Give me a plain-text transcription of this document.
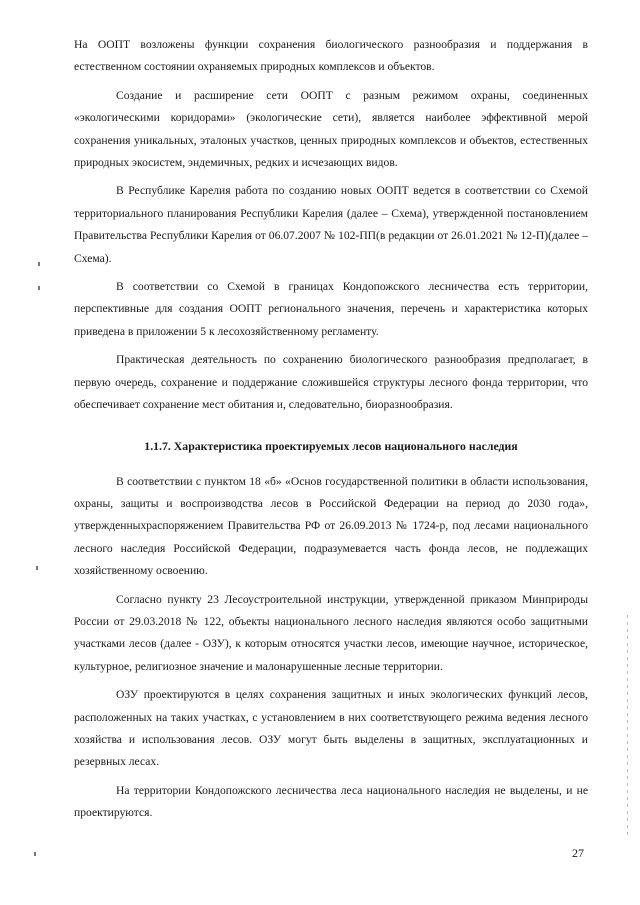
На ООПТ возложены функции сохранения биологического разнообразия и поддержания в естественном состоянии охраняемых природных комплексов и объектов.

Создание и расширение сети ООПТ с разным режимом охраны, соединенных «экологическими коридорами» (экологические сети), является наиболее эффективной мерой сохранения уникальных, эталоных участков, ценных природных комплексов и объектов, естественных природных экосистем, эндемичных, редких и исчезающих видов.

В Республике Карелия работа по созданию новых ООПТ ведется в соответствии со Схемой территориального планирования Республики Карелия (далее – Схема), утвержденной постановлением Правительства Республики Карелия от 06.07.2007 № 102-ПП(в редакции от 26.01.2021 № 12-П)(далее – Схема).

В соответствии со Схемой в границах Кондопожского лесничества есть территории, перспективные для создания ООПТ регионального значения, перечень и характеристика которых приведена в приложении 5 к лесохозяйственному регламенту.

Практическая деятельность по сохранению биологического разнообразия предполагает, в первую очередь, сохранение и поддержание сложившейся структуры лесного фонда территории, что обеспечивает сохранение мест обитания и, следовательно, биоразнообразия.

1.1.7. Характеристика проектируемых лесов национального наследия

В соответствии с пунктом 18 «б» «Основ государственной политики в области использования, охраны, защиты и воспроизводства лесов в Российской Федерации на период до 2030 года», утвержденныхраспоряжением Правительства РФ от 26.09.2013 № 1724-р, под лесами национального лесного наследия Российской Федерации, подразумевается часть фонда лесов, не подлежащих хозяйственному освоению.

Согласно пункту 23 Лесоустроительной инструкции, утвержденной приказом Минприроды России от 29.03.2018 № 122, объекты национального лесного наследия являются особо защитными участками лесов (далее - ОЗУ), к которым относятся участки лесов, имеющие научное, историческое, культурное, религиозное значение и малонарушенные лесные территории.

ОЗУ проектируются в целях сохранения защитных и иных экологических функций лесов, расположенных на таких участках, с установлением в них соответствующего режима ведения лесного хозяйства и использования лесов. ОЗУ могут быть выделены в защитных, эксплуатационных и резервных лесах.

На территории Кондопожского лесничества леса национального наследия не выделены, и не проектируются.

27
